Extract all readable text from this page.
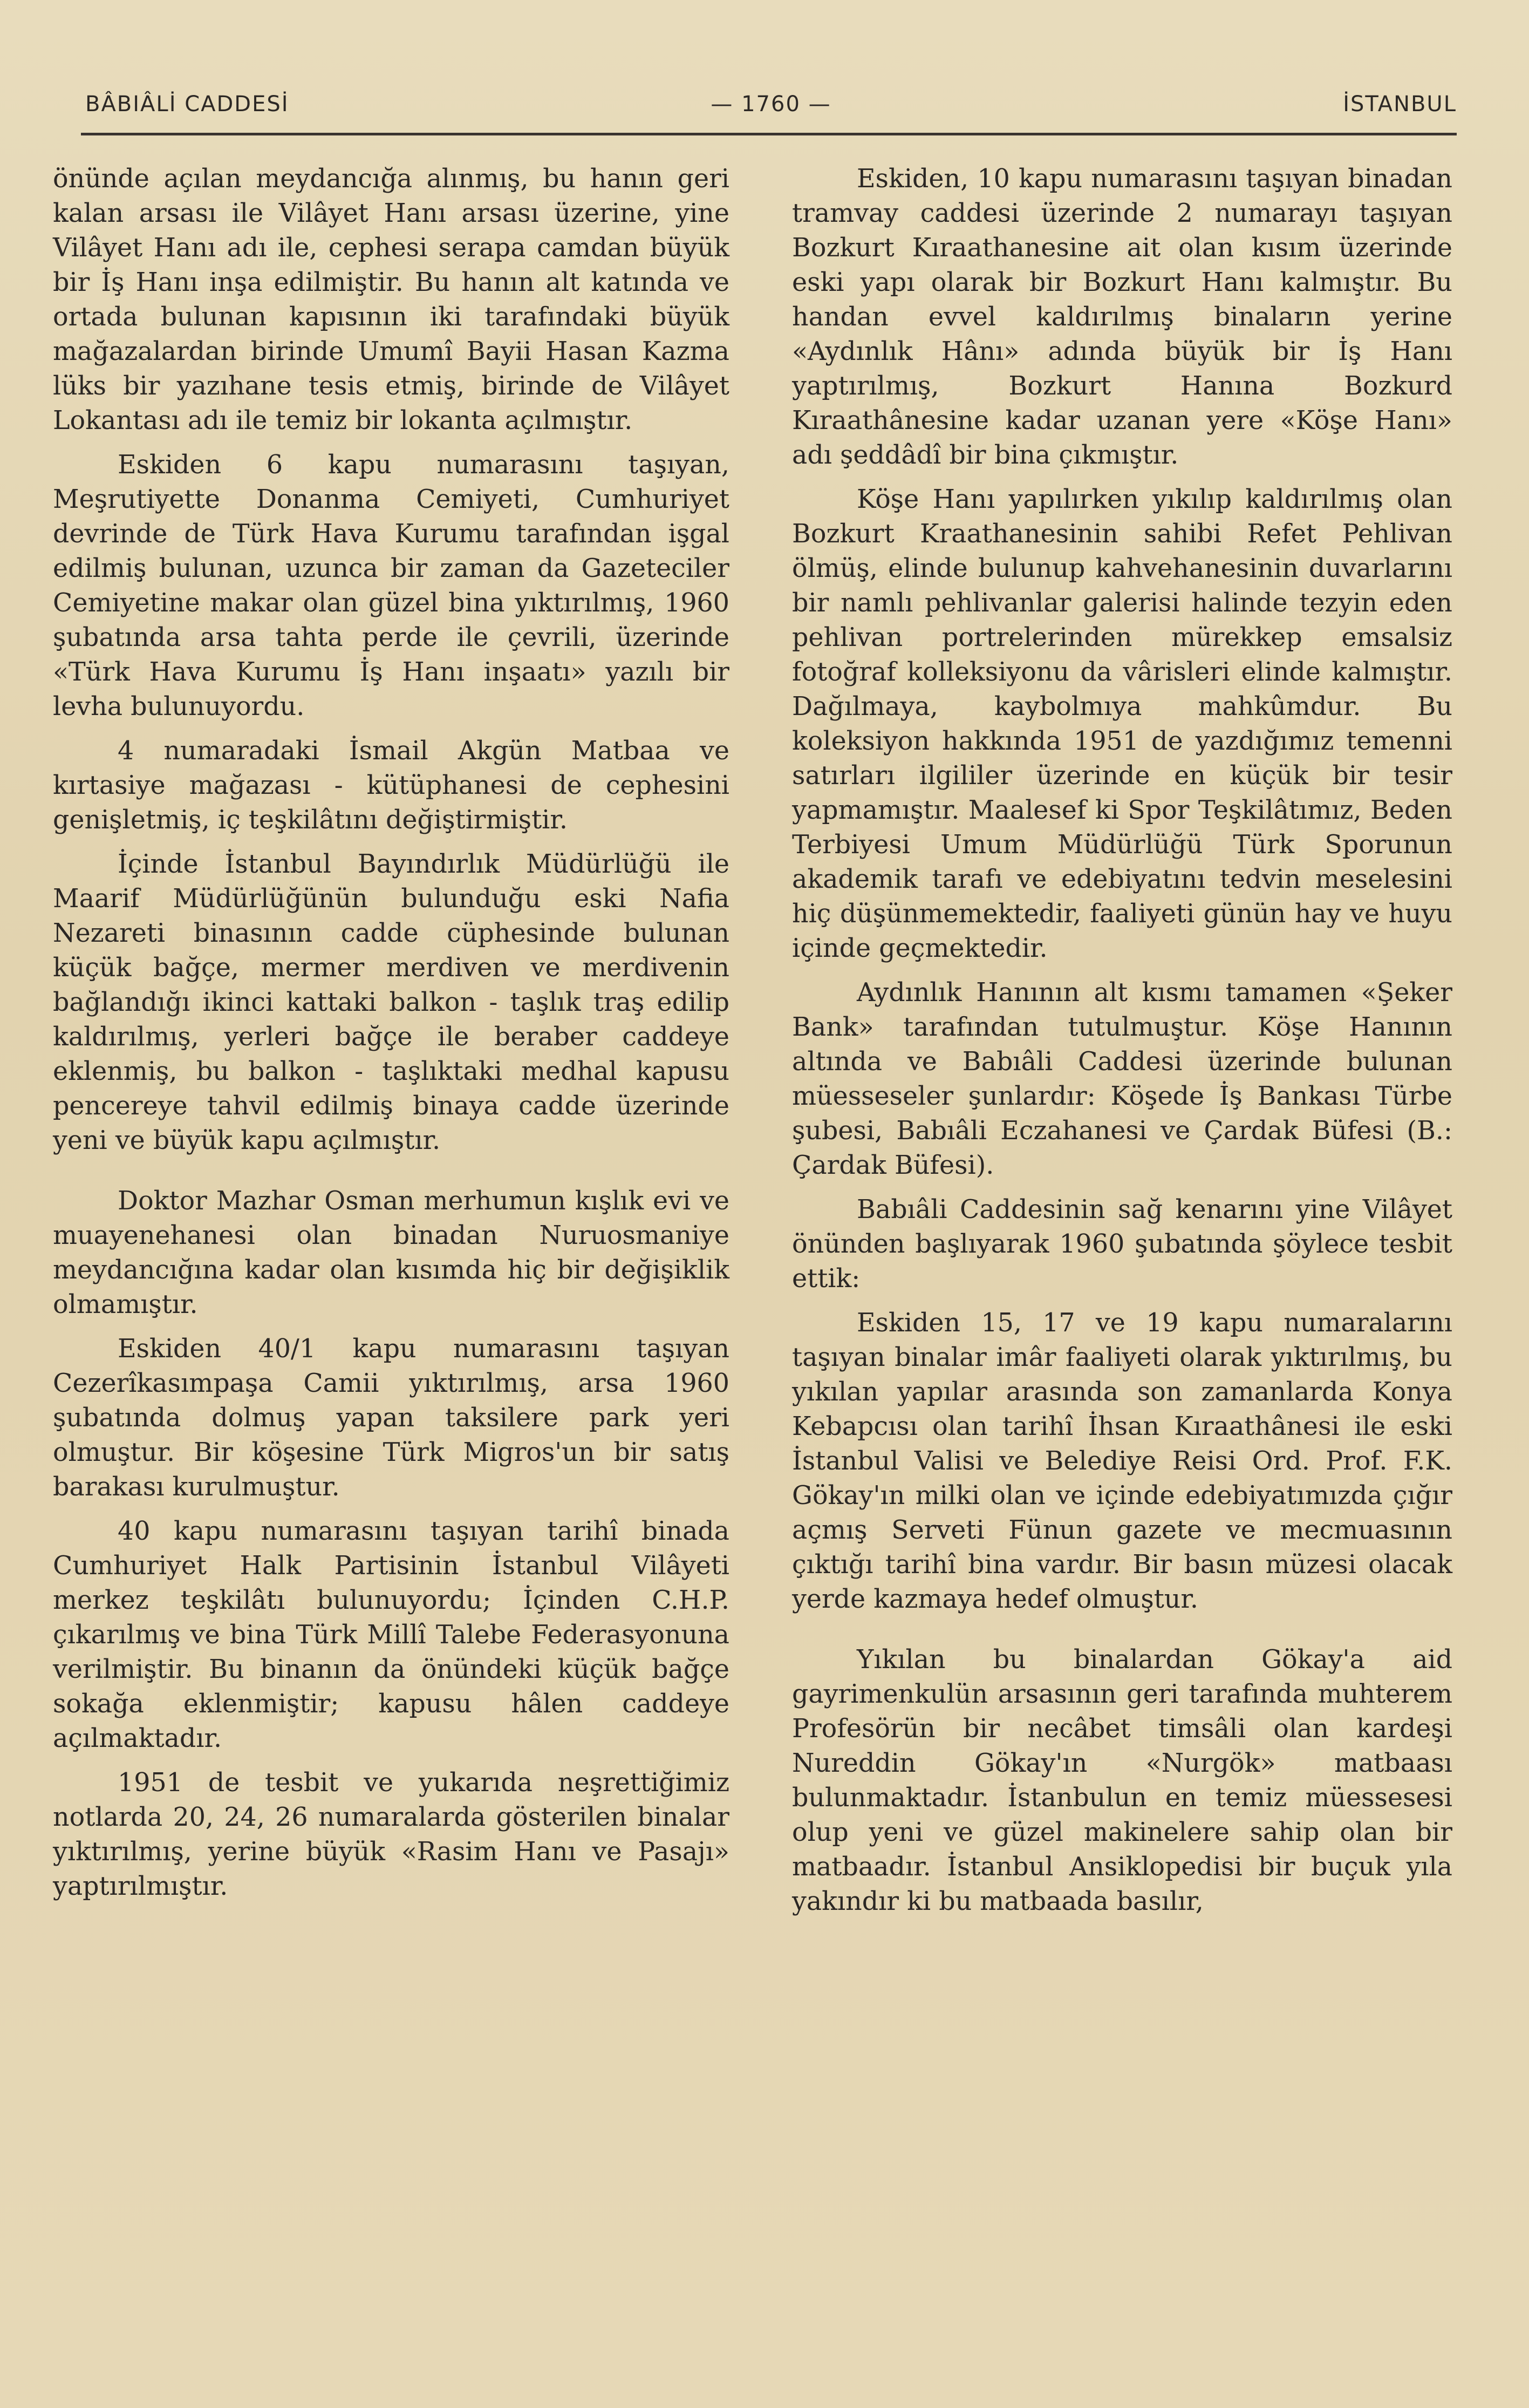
BÂBIÂLİ CADDESİ	— 1760 —	İSTANBUL

önünde açılan meydancığa alınmış, bu hanın geri kalan arsası ile Vilâyet Hanı arsası üzerine, yine Vilâyet Hanı adı ile, cephesi serapa camdan büyük bir İş Hanı inşa edilmiştir. Bu hanın alt katında ve ortada bulunan kapısının iki tarafındaki büyük mağazalardan birinde Umumî Bayii Hasan Kazma lüks bir yazıhane tesis etmiş, birinde de Vilâyet Lokantası adı ile temiz bir lokanta açılmıştır.

Eskiden 6 kapu numarasını taşıyan, Meşrutiyette Donanma Cemiyeti, Cumhuriyet devrinde de Türk Hava Kurumu tarafından işgal edilmiş bulunan, uzunca bir zaman da Gazeteciler Cemiyetine makar olan güzel bina yıktırılmış, 1960 şubatında arsa tahta perde ile çevrili, üzerinde «Türk Hava Kurumu İş Hanı inşaatı» yazılı bir levha bulunuyordu.

4 numaradaki İsmail Akgün Matbaa ve kırtasiye mağazası - kütüphanesi de cephesini genişletmiş, iç teşkilâtını değiştirmiştir.

İçinde İstanbul Bayındırlık Müdürlüğü ile Maarif Müdürlüğünün bulunduğu eski Nafia Nezareti binasının cadde cüphesinde bulunan küçük bağçe, mermer merdiven ve merdivenin bağlandığı ikinci kattaki balkon - taşlık traş edilip kaldırılmış, yerleri bağçe ile beraber caddeye eklenmiş, bu balkon - taşlıktaki medhal kapusu pencereye tahvil edilmiş binaya cadde üzerinde yeni ve büyük kapu açılmıştır.

Doktor Mazhar Osman merhumun kışlık evi ve muayenehanesi olan binadan Nuruosmaniye meydancığına kadar olan kısımda hiç bir değişiklik olmamıştır.

Eskiden 40/1 kapu numarasını taşıyan Cezerîkasımpaşa Camii yıktırılmış, arsa 1960 şubatında dolmuş yapan taksilere park yeri olmuştur. Bir köşesine Türk Migros'un bir satış barakası kurulmuştur.

40 kapu numarasını taşıyan tarihî binada Cumhuriyet Halk Partisinin İstanbul Vilâyeti merkez teşkilâtı bulunuyordu; İçinden C.H.P. çıkarılmış ve bina Türk Millî Talebe Federasyonuna verilmiştir. Bu binanın da önündeki küçük bağçe sokağa eklenmiştir; kapusu hâlen caddeye açılmaktadır.

1951 de tesbit ve yukarıda neşrettiğimiz notlarda 20, 24, 26 numaralarda gösterilen binalar yıktırılmış, yerine büyük «Rasim Hanı ve Pasajı» yaptırılmıştır.

Eskiden, 10 kapu numarasını taşıyan binadan tramvay caddesi üzerinde 2 numarayı taşıyan Bozkurt Kıraathanesine ait olan kısım üzerinde eski yapı olarak bir Bozkurt Hanı kalmıştır. Bu handan evvel kaldırılmış binaların yerine «Aydınlık Hânı» adında büyük bir İş Hanı yaptırılmış, Bozkurt Hanına Bozkurd Kıraathânesine kadar uzanan yere «Köşe Hanı» adı şeddâdî bir bina çıkmıştır.

Köşe Hanı yapılırken yıkılıp kaldırılmış olan Bozkurt Kraathanesinin sahibi Refet Pehlivan ölmüş, elinde bulunup kahvehanesinin duvarlarını bir namlı pehlivanlar galerisi halinde tezyin eden pehlivan portrelerinden mürekkep emsalsiz fotoğraf kolleksiyonu da vârisleri elinde kalmıştır. Dağılmaya, kaybolmıya mahkûmdur. Bu koleksiyon hakkında 1951 de yazdığımız temenni satırları ilgililer üzerinde en küçük bir tesir yapmamıştır. Maalesef ki Spor Teşkilâtımız, Beden Terbiyesi Umum Müdürlüğü Türk Sporunun akademik tarafı ve edebiyatını tedvin meselesini hiç düşünmemektedir, faaliyeti günün hay ve huyu içinde geçmektedir.

Aydınlık Hanının alt kısmı tamamen «Şeker Bank» tarafından tutulmuştur. Köşe Hanının altında ve Babıâli Caddesi üzerinde bulunan müesseseler şunlardır: Köşede İş Bankası Türbe şubesi, Babıâli Eczahanesi ve Çardak Büfesi (B.: Çardak Büfesi).

Babıâli Caddesinin sağ kenarını yine Vilâyet önünden başlıyarak 1960 şubatında şöylece tesbit ettik:

Eskiden 15, 17 ve 19 kapu numaralarını taşıyan binalar imâr faaliyeti olarak yıktırılmış, bu yıkılan yapılar arasında son zamanlarda Konya Kebapcısı olan tarihî İhsan Kıraathânesi ile eski İstanbul Valisi ve Belediye Reisi Ord. Prof. F.K. Gökay'ın milki olan ve içinde edebiyatımızda çığır açmış Serveti Fünun gazete ve mecmuasının çıktığı tarihî bina vardır. Bir basın müzesi olacak yerde kazmaya hedef olmuştur.

Yıkılan bu binalardan Gökay'a aid gayrimenkulün arsasının geri tarafında muhterem Profesörün bir necâbet timsâli olan kardeşi Nureddin Gökay'ın «Nurgök» matbaası bulunmaktadır. İstanbulun en temiz müessesesi olup yeni ve güzel makinelere sahip olan bir matbaadır. İstanbul Ansiklopedisi bir buçuk yıla yakındır ki bu matbaada basılır,
